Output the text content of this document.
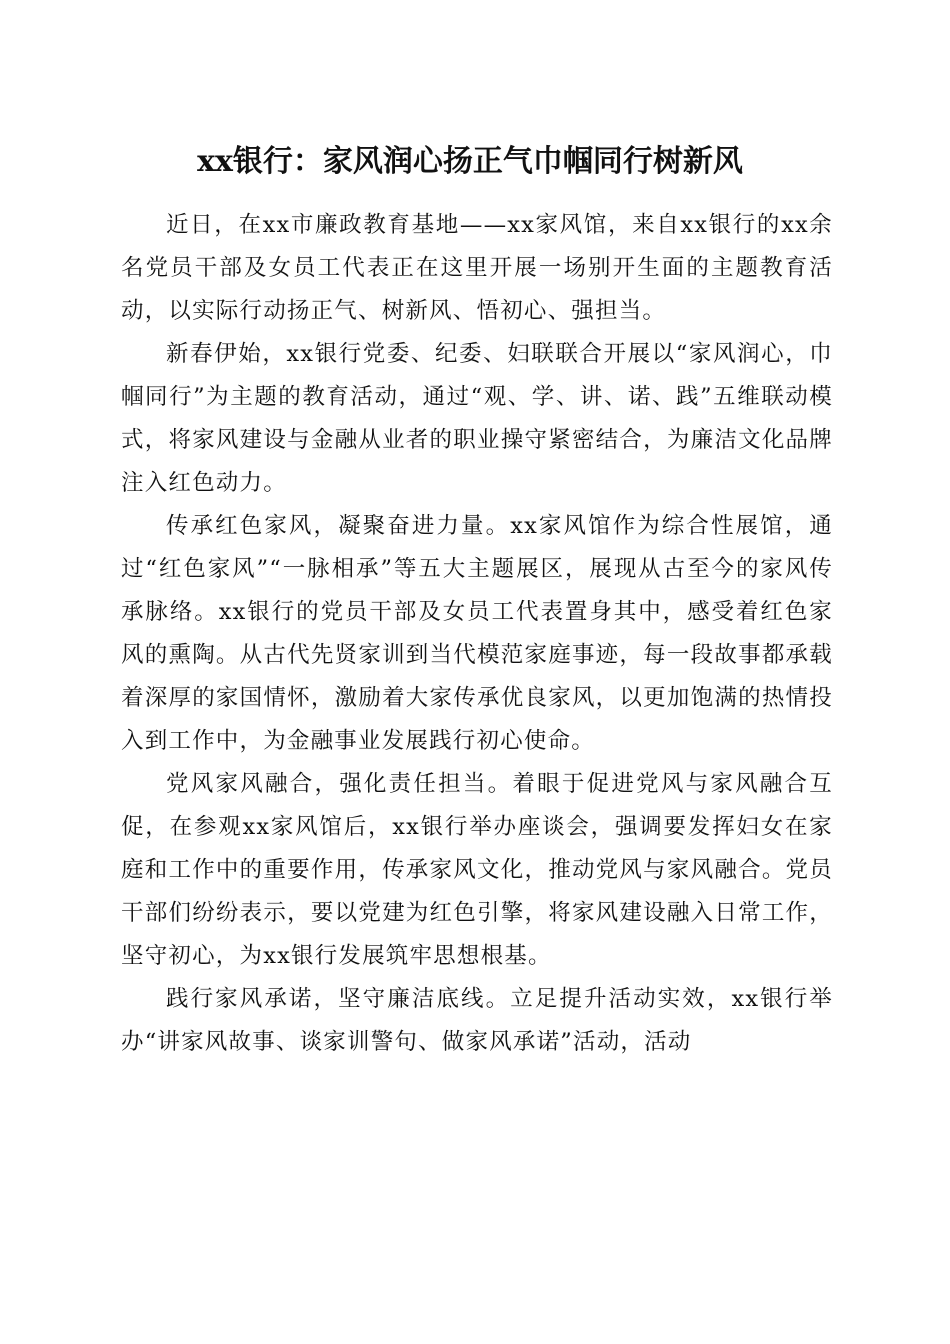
xx银行：家风润心扬正气巾帼同行树新风

近日，在xx市廉政教育基地——xx家风馆，来自xx银行的xx余名党员干部及女员工代表正在这里开展一场别开生面的主题教育活动，以实际行动扬正气、树新风、悟初心、强担当。

新春伊始，xx银行党委、纪委、妇联联合开展以“家风润心，巾帼同行”为主题的教育活动，通过“观、学、讲、诺、践”五维联动模式，将家风建设与金融从业者的职业操守紧密结合，为廉洁文化品牌注入红色动力。

传承红色家风，凝聚奋进力量。xx家风馆作为综合性展馆，通过“红色家风”“一脉相承”等五大主题展区，展现从古至今的家风传承脉络。xx银行的党员干部及女员工代表置身其中，感受着红色家风的熏陶。从古代先贤家训到当代模范家庭事迹，每一段故事都承载着深厚的家国情怀，激励着大家传承优良家风，以更加饱满的热情投入到工作中，为金融事业发展践行初心使命。

党风家风融合，强化责任担当。着眼于促进党风与家风融合互促，在参观xx家风馆后，xx银行举办座谈会，强调要发挥妇女在家庭和工作中的重要作用，传承家风文化，推动党风与家风融合。党员干部们纷纷表示，要以党建为红色引擎，将家风建设融入日常工作，坚守初心，为xx银行发展筑牢思想根基。

践行家风承诺，坚守廉洁底线。立足提升活动实效，xx银行举办“讲家风故事、谈家训警句、做家风承诺”活动，活动
